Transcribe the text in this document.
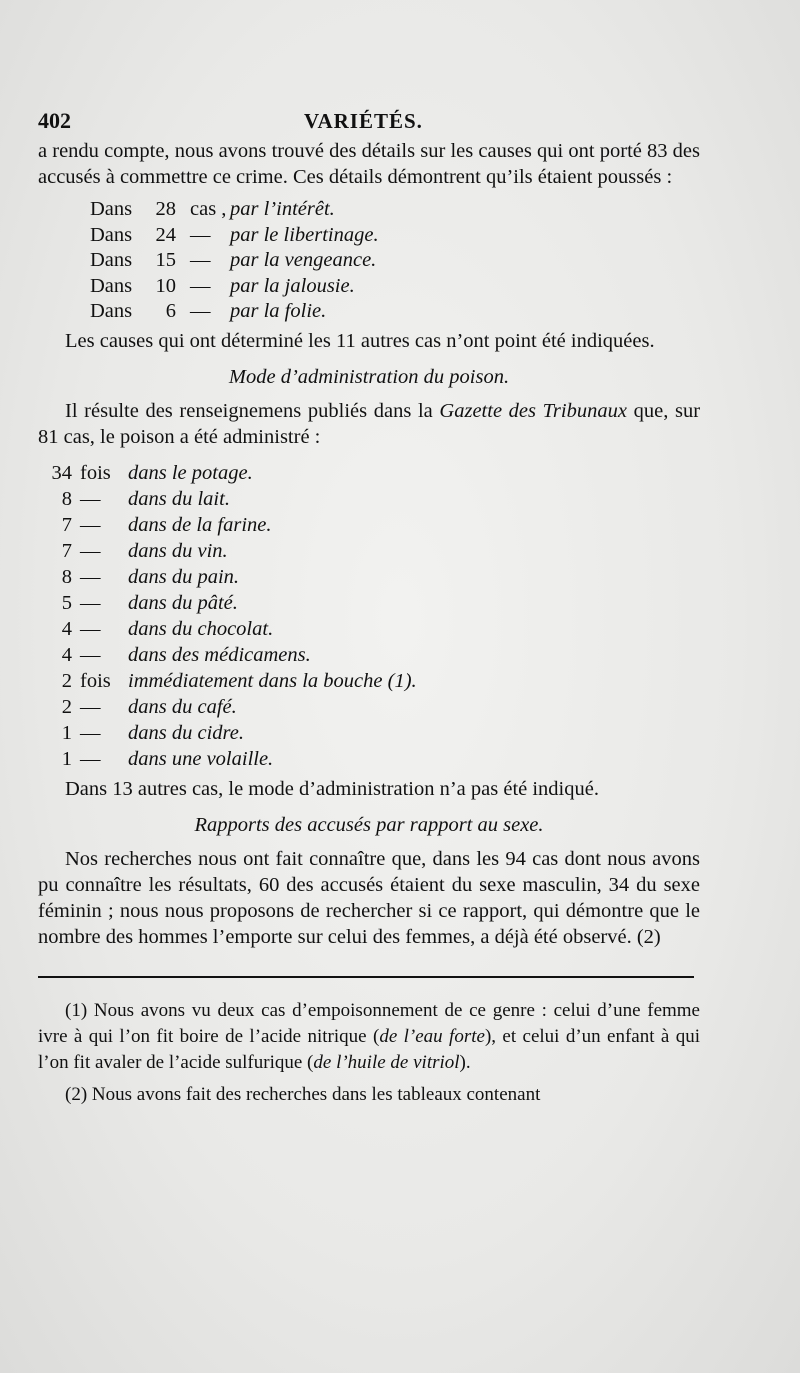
402	VARIÉTÉS.

a rendu compte, nous avons trouvé des détails sur les causes qui ont porté 83 des accusés à commettre ce crime. Ces détails démontrent qu’ils étaient poussés :

Dans	28 cas , par l’intérêt.
Dans	24 — par le libertinage.
Dans	15 — par la vengeance.
Dans	10 — par la jalousie.
Dans	6 — par la folie.

Les causes qui ont déterminé les 11 autres cas n’ont point été indiquées.

Mode d’administration du poison.

Il résulte des renseignemens publiés dans la Gazette des Tribunaux que, sur 81 cas, le poison a été administré :

34 fois dans le potage.
8 —	dans du lait.
7 —	dans de la farine.
7 —	dans du vin.
8 —	dans du pain.
5 —	dans du pâté.
4 —	dans du chocolat.
4 —	dans des médicamens.
2 fois immédiatement dans la bouche (1).
2 —	dans du café.
1 —	dans du cidre.
1 —	dans une volaille.

Dans 13 autres cas, le mode d’administration n’a pas été indiqué.

Rapports des accusés par rapport au sexe.

Nos recherches nous ont fait connaître que, dans les 94 cas dont nous avons pu connaître les résultats, 60 des accusés étaient du sexe masculin, 34 du sexe féminin ; nous nous proposons de rechercher si ce rapport, qui démontre que le nombre des hommes l’emporte sur celui des femmes, a déjà été observé. (2)

(1) Nous avons vu deux cas d’empoisonnement de ce genre : celui d’une femme ivre à qui l’on fit boire de l’acide nitrique (de l’eau forte), et celui d’un enfant à qui l’on fit avaler de l’acide sulfurique (de l’huile de vitriol).

(2) Nous avons fait des recherches dans les tableaux contenant
